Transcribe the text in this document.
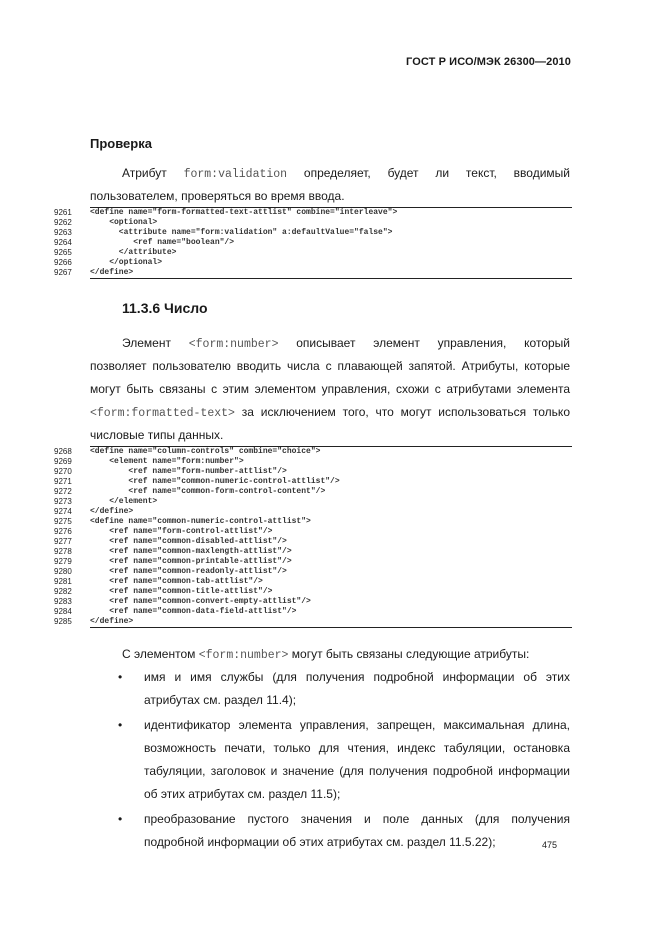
ГОСТ Р ИСО/МЭК 26300—2010
Проверка
Атрибут form:validation определяет, будет ли текст, вводимый
пользователем, проверяться во время ввода.
9261	<define name="form-formatted-text-attlist" combine="interleave">
9262	<optional>
9263	<attribute name="form:validation" a:defaultValue="false">
9264	<ref name="boolean"/>
9265	</attribute>
9266	</optional>
9267	</define>
11.3.6 Число
Элемент <form:number> описывает элемент управления, который
позволяет пользователю вводить числа с плавающей запятой. Атрибуты, которые
могут быть связаны с этим элементом управления, схожи с атрибутами элемента
<form:formatted-text> за исключением того, что могут использоваться только
числовые типы данных.
9268	<define name="column-controls" combine="choice">
9269	<element name="form:number">
9270	<ref name="form-number-attlist"/>
9271	<ref name="common-numeric-control-attlist"/>
9272	<ref name="common-form-control-content"/>
9273	</element>
9274	</define>
9275	<define name="common-numeric-control-attlist">
9276	<ref name="form-control-attlist"/>
9277	<ref name="common-disabled-attlist"/>
9278	<ref name="common-maxlength-attlist"/>
9279	<ref name="common-printable-attlist"/>
9280	<ref name="common-readonly-attlist"/>
9281	<ref name="common-tab-attlist"/>
9282	<ref name="common-title-attlist"/>
9283	<ref name="common-convert-empty-attlist"/>
9284	<ref name="common-data-field-attlist"/>
9285	</define>
С элементом <form:number> могут быть связаны следующие атрибуты:
• имя и имя службы (для получения подробной информации об этих
атрибутах см. раздел 11.4);
• идентификатор элемента управления, запрещен, максимальная длина,
возможность печати, только для чтения, индекс табуляции, остановка
табуляции, заголовок и значение (для получения подробной информации
об этих атрибутах см. раздел 11.5);
• преобразование пустого значения и поле данных (для получения
подробной информации об этих атрибутах см. раздел 11.5.22);	475
